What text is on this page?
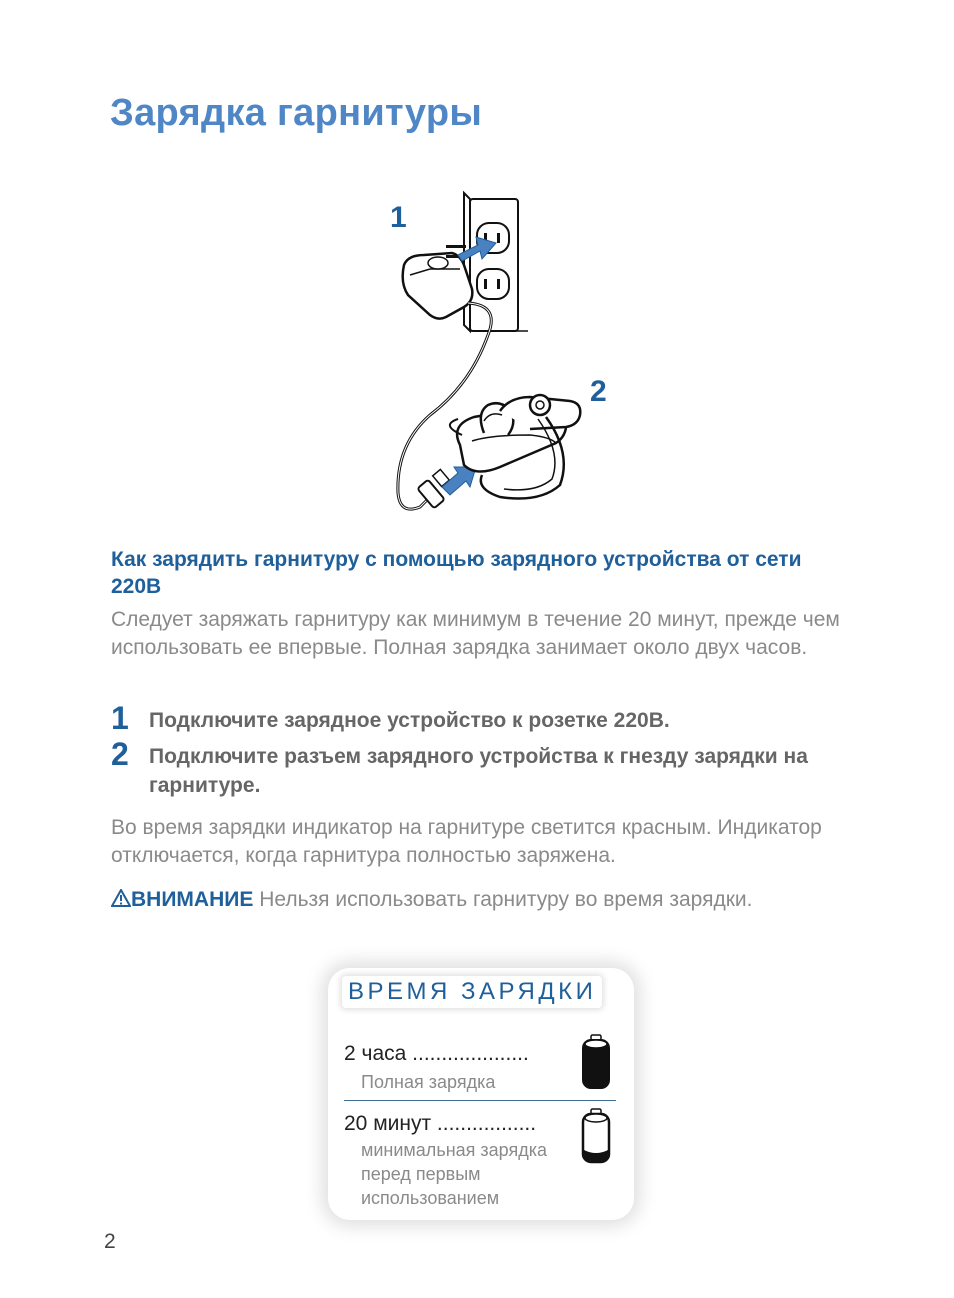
Зарядка гарнитуры
1
2
Как зарядить гарнитуру с помощью зарядного устройства от сети 220В

Следует заряжать гарнитуру как минимум в течение 20 минут, прежде чем использовать ее впервые. Полная зарядка занимает около двух часов.

1 Подключите зарядное устройство к розетке 220В.
2 Подключите разъем зарядного устройства к гнезду зарядки на гарнитуре.

Во время зарядки индикатор на гарнитуре светится красным. Индикатор отключается, когда гарнитура полностью заряжена.

ВНИМАНИЕ Нельзя использовать гарнитуру во время зарядки.
ВРЕМЯ ЗАРЯДКИ
2 часа ....................
Полная зарядка
20 минут .................
минимальная зарядка перед первым использованием
2
